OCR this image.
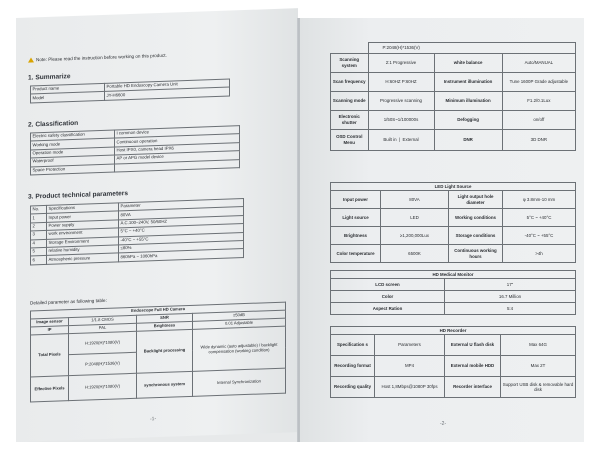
Note: Please read the instruction before working on this product.
1. Summarize
Product name	Portable HD Endoscopy Camera Unit
Model	JY-H6600
2. Classification
Electric safety classification	I common device
Working mode	Continuous operation
Operation mode	Host IPX0, camera head IPX6
Waterproof	AP or APG model device
Space Protection	
3. Product technical parameters
No.	Specifications	Parameter
1	Input power	80VA
2	Power supply	A.C.100~240V, 50/60HZ
3	work environment	5°C ~ +40°C
4	Storage Environment	-40°C ~ +55°C
5	relative humidity	≤80%
6	Atmospheric pressure	860hPa ~ 1060hPa
Detailed parameter as following table:
Endoscope Full HD Camera			
Image sensor	1/1.8 CMOS	SNR	≥50dB
IP	PAL	Brightness	0.01 Adjustable
Total Pixels	H:1920(H)*1080(V)	Backlight processing	Wide dynamic (auto adjustable) / backlight compensation (working condition)
	P:2048(H)*1536(V)		
Effective Pixels	H:1920(H)*1080(V)	synchronous system	Internal Synchronization
-1-
	P:2048(H)*1536(V)		
Scanning system	2:1 Progressive	white balance	Auto/MANUAL
Scan frequency	H:60HZ P:60HZ	Instrument illumination	Tune 1600P Grade adjustable
Scanning mode	Progressive scanning	Minimum illumination	F1.2/0.1Lux
Electronic shutter	1/50S~1/100000s	Defogging	on/off
OSD Control Menu	Built in  |  External	DNR	3D DNR
LED Light Source			
Input power	80VA	Light output hole diameter	φ 3.8mm-10 mm
Light source	LED	Working conditions	5°C ~ +40°C
Brightness	≥1,200,000Lux	Storage conditions	-40°C ~ +55°C
Color temperature	6500K	Continuous working hours	>4h
HD Medical Monitor	
LCD screen	17"
Color	16.7 Million
Aspect Ration	5:4
HD Recorder			
Specification s	Parameters	External U flash disk	Max 64G
Recording format	MP4	External mobile HDD	Max 2T
Recording quality	Host 1,8Mbps@1080P 30fps	Recorder interface	Support USB disk & removable hard disk
-2-
